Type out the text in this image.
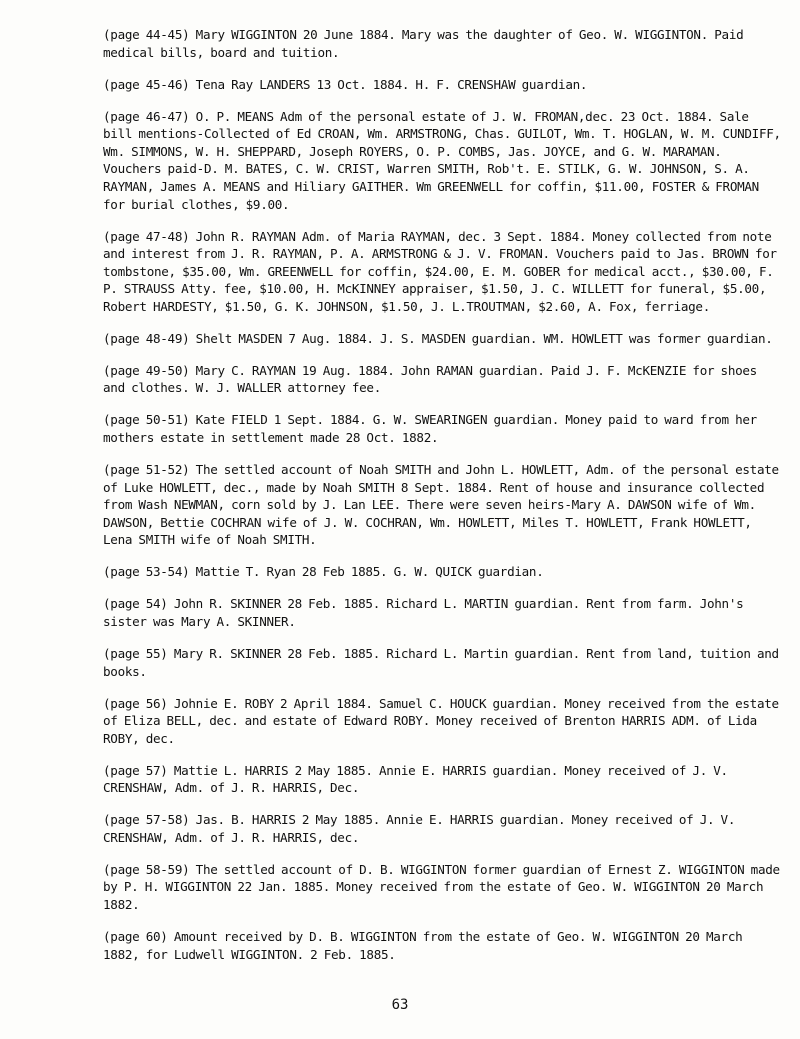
(page 44-45) Mary WIGGINTON 20 June 1884. Mary was the daughter of Geo. W. WIGGINTON. Paid medical bills, board and tuition.

(page 45-46) Tena Ray LANDERS 13 Oct. 1884. H. F. CRENSHAW guardian.

(page 46-47) O. P. MEANS Adm of the personal estate of J. W. FROMAN,dec. 23 Oct. 1884. Sale bill mentions-Collected of Ed CROAN, Wm. ARMSTRONG, Chas. GUILOT, Wm. T. HOGLAN, W. M. CUNDIFF, Wm. SIMMONS, W. H. SHEPPARD, Joseph ROYERS, O. P. COMBS, Jas. JOYCE, and G. W. MARAMAN. Vouchers paid-D. M. BATES, C. W. CRIST, Warren SMITH, Rob't. E. STILK, G. W. JOHNSON, S. A. RAYMAN, James A. MEANS and Hiliary GAITHER. Wm GREENWELL for coffin, $11.00, FOSTER & FROMAN for burial clothes, $9.00.

(page 47-48) John R. RAYMAN Adm. of Maria RAYMAN, dec. 3 Sept. 1884. Money collected from note and interest from J. R. RAYMAN, P. A. ARMSTRONG & J. V. FROMAN. Vouchers paid to Jas. BROWN for tombstone, $35.00, Wm. GREENWELL for coffin, $24.00, E. M. GOBER for medical acct., $30.00, F. P. STRAUSS Atty. fee, $10.00, H. McKINNEY appraiser, $1.50, J. C. WILLETT for funeral, $5.00, Robert HARDESTY, $1.50, G. K. JOHNSON, $1.50, J. L.TROUTMAN, $2.60, A. Fox, ferriage.

(page 48-49) Shelt MASDEN 7 Aug. 1884. J. S. MASDEN guardian. WM. HOWLETT was former guardian.

(page 49-50) Mary C. RAYMAN 19 Aug. 1884. John RAMAN guardian. Paid J. F. McKENZIE for shoes and clothes. W. J. WALLER attorney fee.

(page 50-51) Kate FIELD 1 Sept. 1884. G. W. SWEARINGEN guardian. Money paid to ward from her mothers estate in settlement made 28 Oct. 1882.

(page 51-52) The settled account of Noah SMITH and John L. HOWLETT, Adm. of the personal estate of Luke HOWLETT, dec., made by Noah SMITH 8 Sept. 1884. Rent of house and insurance collected from Wash NEWMAN, corn sold by J. Lan LEE. There were seven heirs-Mary A. DAWSON wife of Wm. DAWSON, Bettie COCHRAN wife of J. W. COCHRAN, Wm. HOWLETT, Miles T. HOWLETT, Frank HOWLETT, Lena SMITH wife of Noah SMITH.

(page 53-54) Mattie T. Ryan 28 Feb 1885. G. W. QUICK guardian.

(page 54) John R. SKINNER 28 Feb. 1885. Richard L. MARTIN guardian. Rent from farm. John's sister was Mary A. SKINNER.

(page 55) Mary R. SKINNER 28 Feb. 1885. Richard L. Martin guardian. Rent from land, tuition and books.

(page 56) Johnie E. ROBY 2 April 1884. Samuel C. HOUCK guardian. Money received from the estate of Eliza BELL, dec. and estate of Edward ROBY. Money received of Brenton HARRIS ADM. of Lida ROBY, dec.

(page 57) Mattie L. HARRIS 2 May 1885. Annie E. HARRIS guardian. Money received of J. V. CRENSHAW, Adm. of J. R. HARRIS, Dec.

(page 57-58) Jas. B. HARRIS 2 May 1885. Annie E. HARRIS guardian. Money received of J. V. CRENSHAW, Adm. of J. R. HARRIS, dec.

(page 58-59) The settled account of D. B. WIGGINTON former guardian of Ernest Z. WIGGINTON made by P. H. WIGGINTON 22 Jan. 1885. Money received from the estate of Geo. W. WIGGINTON 20 March 1882.

(page 60) Amount received by D. B. WIGGINTON from the estate of Geo. W. WIGGINTON 20 March 1882, for Ludwell WIGGINTON. 2 Feb. 1885.

63
